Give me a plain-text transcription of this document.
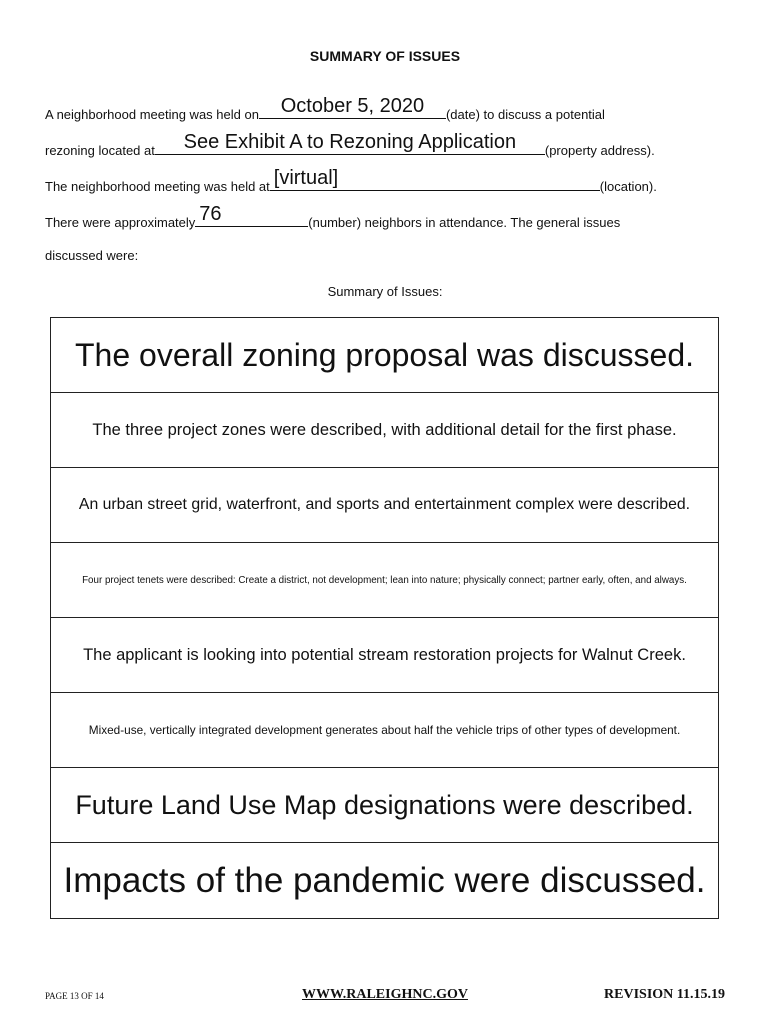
SUMMARY OF ISSUES
A neighborhood meeting was held on	October 5, 2020	(date) to discuss a potential
rezoning located at	See Exhibit A to Rezoning Application	(property address).
The neighborhood meeting was held at [virtual]	(location).
There were approximately 76	(number) neighbors in attendance. The general issues
discussed were:
Summary of Issues:
The overall zoning proposal was discussed.
The three project zones were described, with additional detail for the first phase.
An urban street grid, waterfront, and sports and entertainment complex were described.
Four project tenets were described: Create a district, not development; lean into nature; physically connect; partner early, often, and always.
The applicant is looking into potential stream restoration projects for Walnut Creek.
Mixed-use, vertically integrated development generates about half the vehicle trips of other types of development.
Future Land Use Map designations were described.
Impacts of the pandemic were discussed.
PAGE 13 OF 14	WWW.RALEIGHNC.GOV	REVISION 11.15.19
